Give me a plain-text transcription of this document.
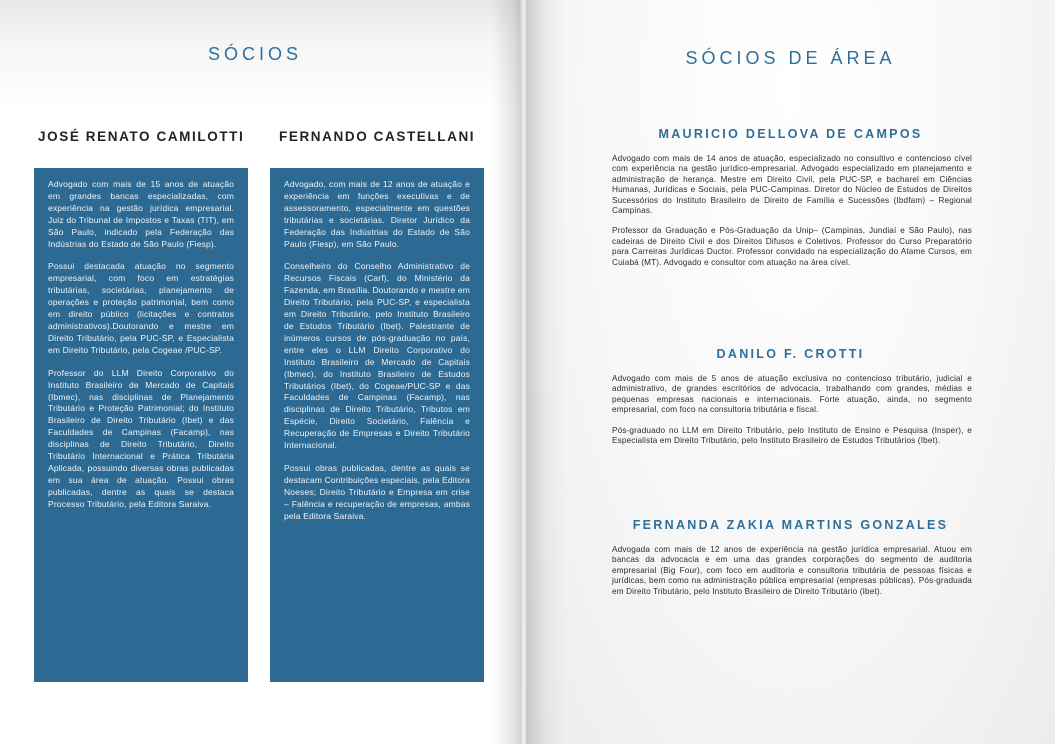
SÓCIOS
JOSÉ RENATO CAMILOTTI

Advogado com mais de 15 anos de atuação em grandes bancas especializadas, com experiência na gestão jurídica empresarial. Juiz do Tribunal de Impostos e Taxas (TIT), em São Paulo, indicado pela Federação das Indústrias do Estado de São Paulo (Fiesp).

Possui destacada atuação no segmento empresarial, com foco em estratégias tributárias, societárias, planejamento de operações e proteção patrimonial, bem como em direito público (licitações e contratos administrativos).Doutorando e mestre em Direito Tributário, pela PUC-SP, e Especialista em Direito Tributário, pela Cogeae /PUC-SP.

Professor do LLM Direito Corporativo do Instituto Brasileiro de Mercado de Capitais (Ibmec), nas disciplinas de Planejamento Tributário e Proteção Patrimonial; do Instituto Brasileiro de Direito Tributário (Ibet) e das Faculdades de Campinas (Facamp), nas disciplinas de Direito Tributário, Direito Tributário Internacional e Prática Tributária Aplicada, possuindo diversas obras publicadas em sua área de atuação. Possui obras publicadas, dentre as quais se destaca Processo Tributário, pela Editora Saraiva.

FERNANDO CASTELLANI

Advogado, com mais de 12 anos de atuação e experiência em funções executivas e de assessoramento, especialmente em questões tributárias e societárias. Diretor Jurídico da Federação das Indústrias do Estado de São Paulo (Fiesp), em São Paulo.

Conselheiro do Conselho Administrativo de Recursos Fiscais (Carf), do Ministério da Fazenda, em Brasília. Doutorando e mestre em Direito Tributário, pela PUC-SP, e especialista em Direito Tributário, pelo Instituto Brasileiro de Estudos Tributário (Ibet). Palestrante de inúmeros cursos de pós-graduação no país, entre eles o LLM Direito Corporativo do Instituto Brasileiro de Mercado de Capitais (Ibmec), do Instituto Brasileiro de Estudos Tributários (Ibet), do Cogeae/PUC-SP e das Faculdades de Campinas (Facamp), nas disciplinas de Direito Tributário, Tributos em Espécie, Direito Societário, Falência e Recuperação de Empresas e Direito Tributário Internacional.

Possui obras publicadas, dentre as quais se destacam Contribuições especiais, pela Editora Noeses; Direito Tributário e Empresa em crise – Falência e recuperação de empresas, ambas pela Editora Saraiva.

SÓCIOS DE ÁREA
MAURICIO DELLOVA DE CAMPOS

Advogado com mais de 14 anos de atuação, especializado no consultivo e contencioso cível com experiência na gestão jurídico-empresarial. Advogado especializado em planejamento e administração de herança. Mestre em Direito Civil, pela PUC-SP, e bacharel em Ciências Humanas, Jurídicas e Sociais, pela PUC-Campinas. Diretor do Núcleo de Estudos de Direitos Sucessórios do Instituto Brasileiro de Direito de Família e Sucessões (Ibdfam) – Regional Campinas.

Professor da Graduação e Pós-Graduação da Unip– (Campinas, Jundiaí e São Paulo), nas cadeiras de Direito Civil e dos Direitos Difusos e Coletivos. Professor do Curso Preparatório para Carreiras Jurídicas Ductor. Professor convidado na especialização do Atame Cursos, em Cuiabá (MT). Advogado e consultor com atuação na área cível.

DANILO F. CROTTI

Advogado com mais de 5 anos de atuação exclusiva no contencioso tributário, judicial e administrativo, de grandes escritórios de advocacia, trabalhando com grandes, médias e pequenas empresas nacionais e internacionais. Forte atuação, ainda, no segmento empresarial, com foco na consultoria tributária e fiscal.

Pós-graduado no LLM em Direito Tributário, pelo Instituto de Ensino e Pesquisa (Insper), e Especialista em Direito Tributário, pelo Instituto Brasileiro de Estudos Tributários (Ibet).

FERNANDA ZAKIA MARTINS GONZALES

Advogada com mais de 12 anos de experiência na gestão jurídica empresarial. Atuou em bancas da advocacia e em uma das grandes corporações do segmento de auditoria empresarial (Big Four), com foco em auditoria e consultoria tributária de pessoas físicas e jurídicas, bem como na administração pública empresarial (empresas públicas). Pós-graduada em Direito Tributário, pelo Instituto Brasileiro de Direito Tributário (Ibet).
